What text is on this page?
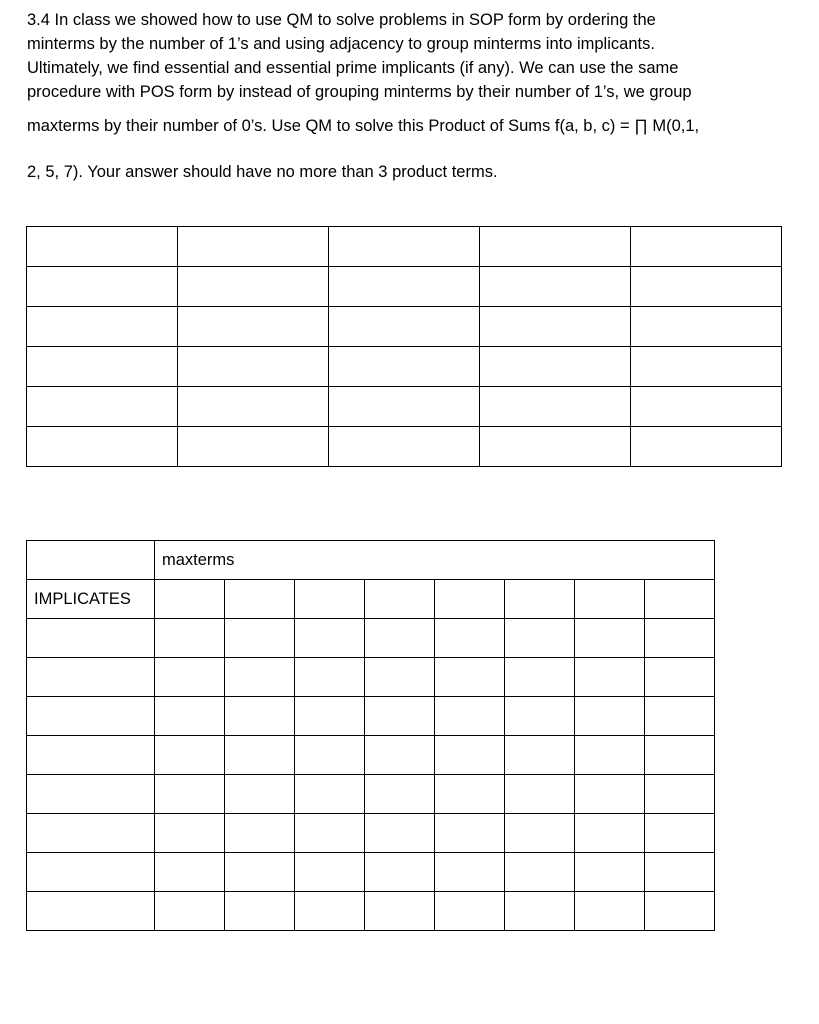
3.4 In class we showed how to use QM to solve problems in SOP form by ordering the
minterms by the number of 1’s and using adjacency to group minterms into implicants.
Ultimately, we find essential and essential prime implicants (if any). We can use the same
procedure with POS form by instead of grouping minterms by their number of 1’s, we group
maxterms by their number of 0’s. Use QM to solve this Product of Sums f(a, b, c) = ∏ M(0,1,
2, 5, 7). Your answer should have no more than 3 product terms.

	maxterms							
IMPLICATES								
